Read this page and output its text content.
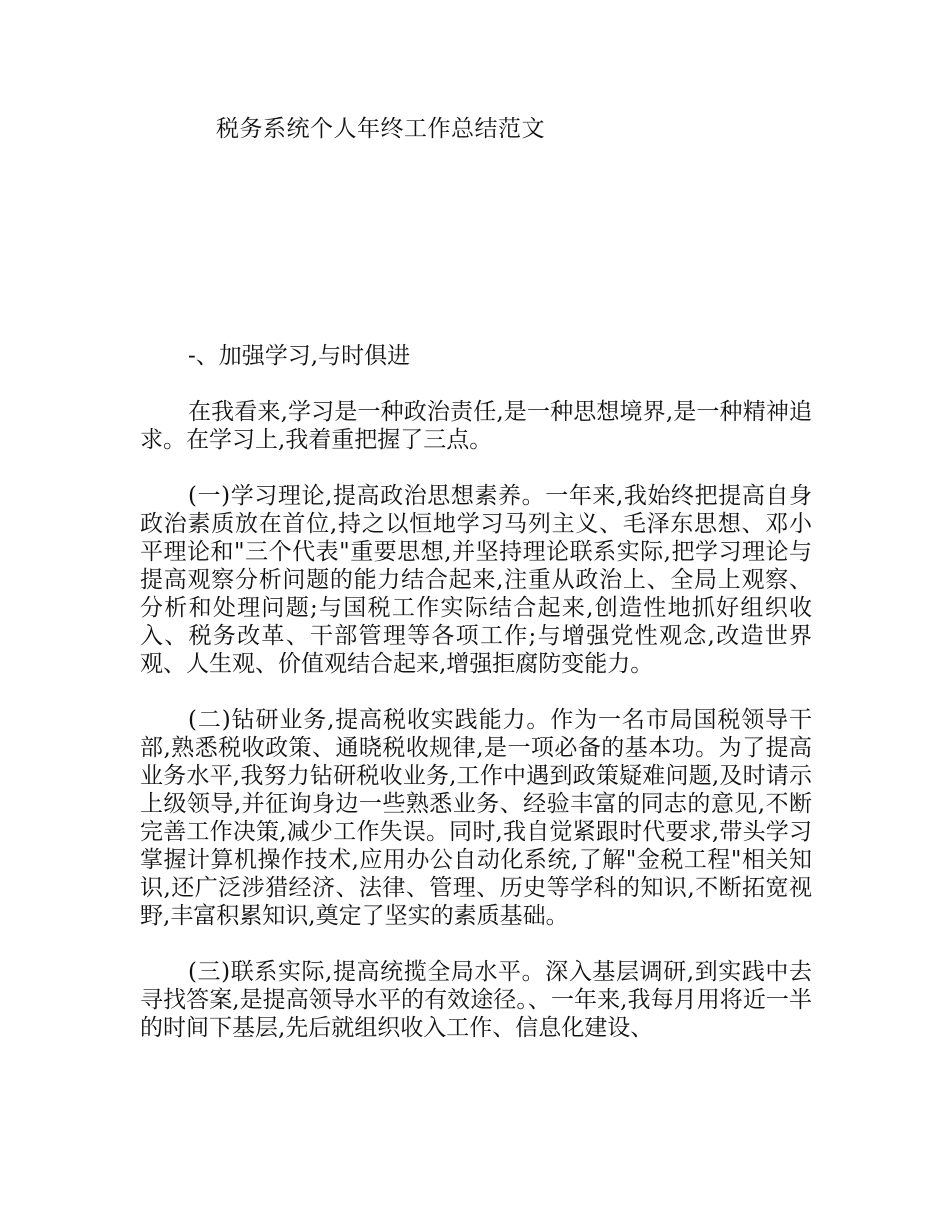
税务系统个人年终工作总结范文

-、加强学习,与时俱进

在我看来,学习是一种政治责任,是一种思想境界,是一种精神追求。在学习上,我着重把握了三点。

(一)学习理论,提高政治思想素养。一年来,我始终把提高自身政治素质放在首位,持之以恒地学习马列主义、毛泽东思想、邓小平理论和"三个代表"重要思想,并坚持理论联系实际,把学习理论与提高观察分析问题的能力结合起来,注重从政治上、全局上观察、分析和处理问题;与国税工作实际结合起来,创造性地抓好组织收入、税务改革、干部管理等各项工作;与增强党性观念,改造世界观、人生观、价值观结合起来,增强拒腐防变能力。

(二)钻研业务,提高税收实践能力。作为一名市局国税领导干部,熟悉税收政策、通晓税收规律,是一项必备的基本功。为了提高业务水平,我努力钻研税收业务,工作中遇到政策疑难问题,及时请示上级领导,并征询身边一些熟悉业务、经验丰富的同志的意见,不断完善工作决策,减少工作失误。同时,我自觉紧跟时代要求,带头学习掌握计算机操作技术,应用办公自动化系统,了解"金税工程"相关知识,还广泛涉猎经济、法律、管理、历史等学科的知识,不断拓宽视野,丰富积累知识,奠定了坚实的素质基础。

(三)联系实际,提高统揽全局水平。深入基层调研,到实践中去寻找答案,是提高领导水平的有效途径。、一年来,我每月用将近一半的时间下基层,先后就组织收入工作、信息化建设、
